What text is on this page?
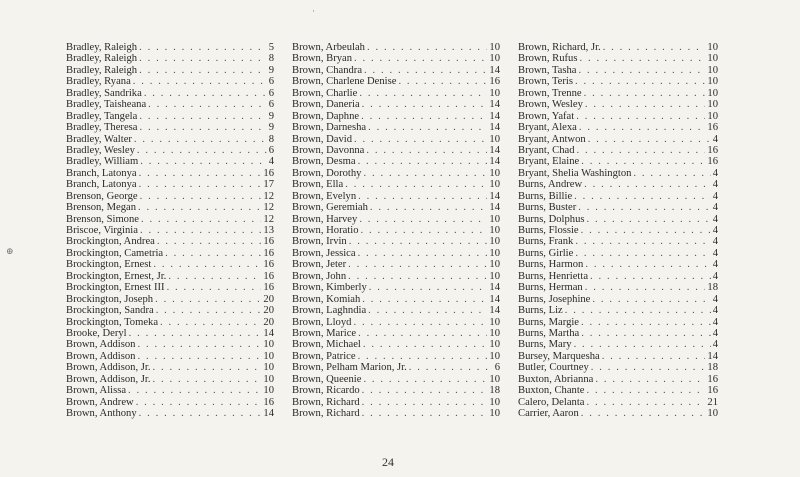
·
⊕
Bradley, Raleigh . . .	5
Bradley, Raleigh . . .	8
Bradley, Raleigh . . .	9
Bradley, Ryana . . .	6
Bradley, Sandrika . . .	6
Bradley, Taisheana . . .	6
Bradley, Tangela . . .	9
Bradley, Theresa . . .	9
Bradley, Walter . . .	8
Bradley, Wesley . . .	6
Bradley, William . . .	4
Branch, Latonya . . .	16
Branch, Latonya . . .	17
Brenson, George . . .	12
Brenson, Megan . . .	12
Brenson, Simone . . .	12
Briscoe, Virginia . . .	13
Brockington, Andrea . . .	16
Brockington, Cametria . . .	16
Brockington, Ernest . . .	16
Brockington, Ernest, Jr. . . .	16
Brockington, Ernest III . . .	16
Brockington, Joseph . . .	20
Brockington, Sandra . . .	20
Brockington, Tomeka . . .	20
Brooke, Deryl . . .	14
Brown, Addison . . .	10
Brown, Addison . . .	10
Brown, Addison, Jr. . . .	10
Brown, Addison, Jr. . . .	10
Brown, Alissa . . .	10
Brown, Andrew . . .	16
Brown, Anthony . . .	14
Brown, Arbeulah . . .	10
Brown, Bryan . . .	10
Brown, Chandra . . .	14
Brown, Charlene Denise . . .	16
Brown, Charlie . . .	10
Brown, Daneria . . .	14
Brown, Daphne . . .	14
Brown, Darnesha . . .	14
Brown, David . . .	10
Brown, Davonna . . .	14
Brown, Desma . . .	14
Brown, Dorothy . . .	10
Brown, Ella . . .	10
Brown, Evelyn . . .	14
Brown, Geremiah . . .	14
Brown, Harvey . . .	10
Brown, Horatio . . .	10
Brown, Irvin . . .	10
Brown, Jessica . . .	10
Brown, Jeter . . .	10
Brown, John . . .	10
Brown, Kimberly . . .	14
Brown, Komiah . . .	14
Brown, Laghndia . . .	14
Brown, Lloyd . . .	10
Brown, Marice . . .	10
Brown, Michael . . .	10
Brown, Patrice . . .	10
Brown, Pelham Marion, Jr. . . .	6
Brown, Queenie . . .	10
Brown, Ricardo . . .	18
Brown, Richard . . .	10
Brown, Richard . . .	10
Brown, Richard, Jr. . . .	10
Brown, Rufus . . .	10
Brown, Tasha . . .	10
Brown, Teris . . .	10
Brown, Trenne . . .	10
Brown, Wesley . . .	10
Brown, Yafat . . .	10
Bryant, Alexa . . .	16
Bryant, Antwon . . .	4
Bryant, Chad . . .	16
Bryant, Elaine . . .	16
Bryant, Shelia Washington . . .	4
Burns, Andrew . . .	4
Burns, Billie . . .	4
Burns, Buster . . .	4
Burns, Dolphus . . .	4
Burns, Flossie . . .	4
Burns, Frank . . .	4
Burns, Girlie . . .	4
Burns, Harmon . . .	4
Burns, Henrietta . . .	4
Burns, Herman . . .	18
Burns, Josephine . . .	4
Burns, Liz . . .	4
Burns, Margie . . .	4
Burns, Martha . . .	4
Burns, Mary . . .	4
Bursey, Marquesha . . .	14
Butler, Courtney . . .	18
Buxton, Abrianna . . .	16
Buxton, Chante . . .	16
Calero, Delanta . . .	21
Carrier, Aaron . . .	10
24
